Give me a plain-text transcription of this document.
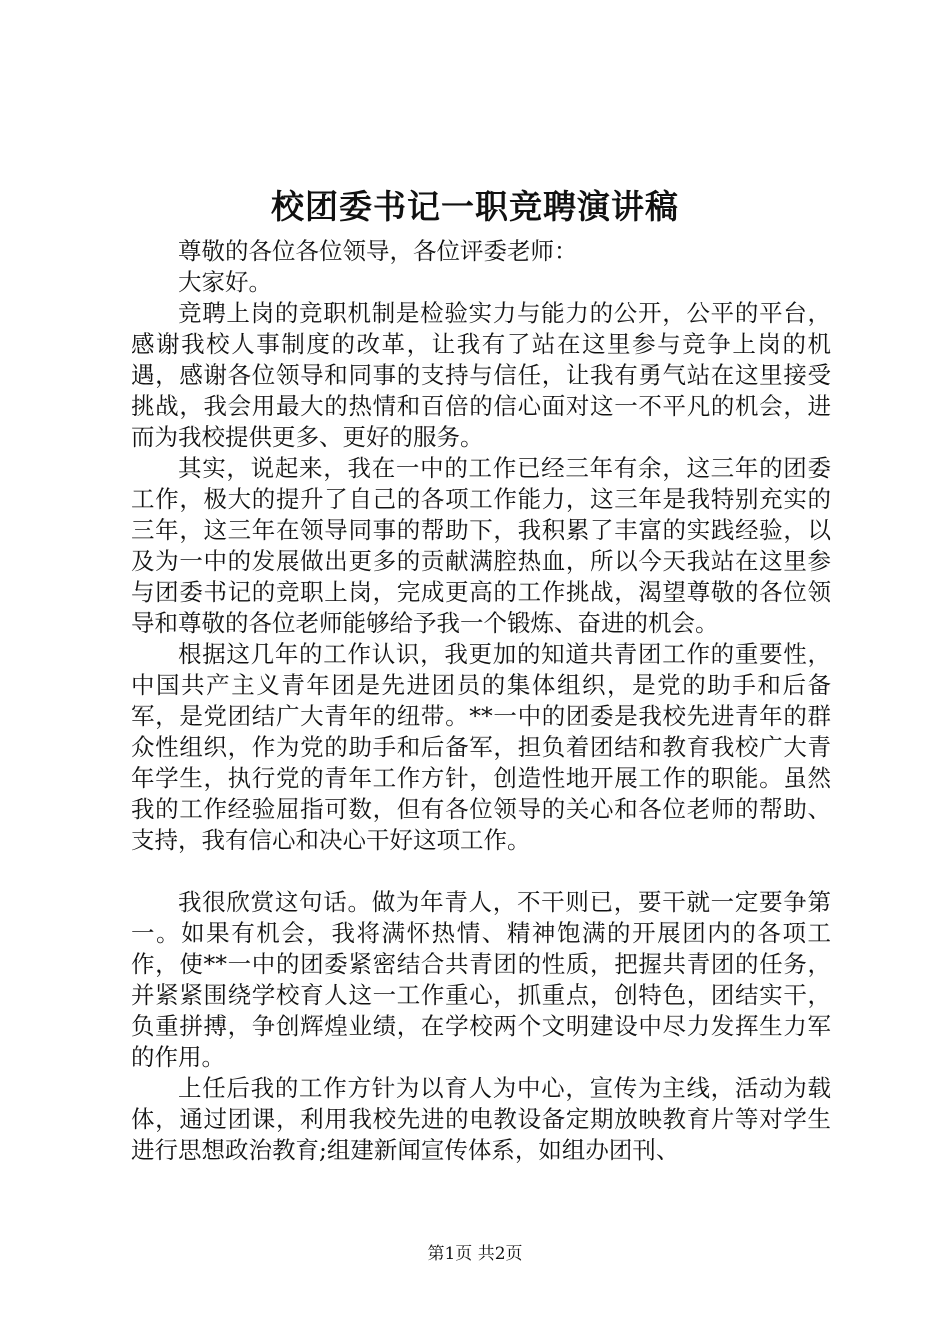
校团委书记一职竞聘演讲稿

尊敬的各位各位领导，各位评委老师：

大家好。

竞聘上岗的竞职机制是检验实力与能力的公开，公平的平台，感谢我校人事制度的改革，让我有了站在这里参与竞争上岗的机遇，感谢各位领导和同事的支持与信任，让我有勇气站在这里接受挑战，我会用最大的热情和百倍的信心面对这一不平凡的机会，进而为我校提供更多、更好的服务。

其实，说起来，我在一中的工作已经三年有余，这三年的团委工作，极大的提升了自己的各项工作能力，这三年是我特别充实的三年，这三年在领导同事的帮助下，我积累了丰富的实践经验，以及为一中的发展做出更多的贡献满腔热血，所以今天我站在这里参与团委书记的竞职上岗，完成更高的工作挑战，渴望尊敬的各位领导和尊敬的各位老师能够给予我一个锻炼、奋进的机会。

根据这几年的工作认识，我更加的知道共青团工作的重要性，中国共产主义青年团是先进团员的集体组织，是党的助手和后备军，是党团结广大青年的纽带。**一中的团委是我校先进青年的群众性组织，作为党的助手和后备军，担负着团结和教育我校广大青年学生，执行党的青年工作方针，创造性地开展工作的职能。虽然我的工作经验屈指可数，但有各位领导的关心和各位老师的帮助、支持，我有信心和决心干好这项工作。

我很欣赏这句话。做为年青人，不干则已，要干就一定要争第一。如果有机会，我将满怀热情、精神饱满的开展团内的各项工作，使**一中的团委紧密结合共青团的性质，把握共青团的任务，并紧紧围绕学校育人这一工作重心，抓重点，创特色，团结实干，负重拼搏，争创辉煌业绩，在学校两个文明建设中尽力发挥生力军的作用。

上任后我的工作方针为以育人为中心，宣传为主线，活动为载体，通过团课，利用我校先进的电教设备定期放映教育片等对学生进行思想政治教育;组建新闻宣传体系，如组办团刊、

第1页 共2页
